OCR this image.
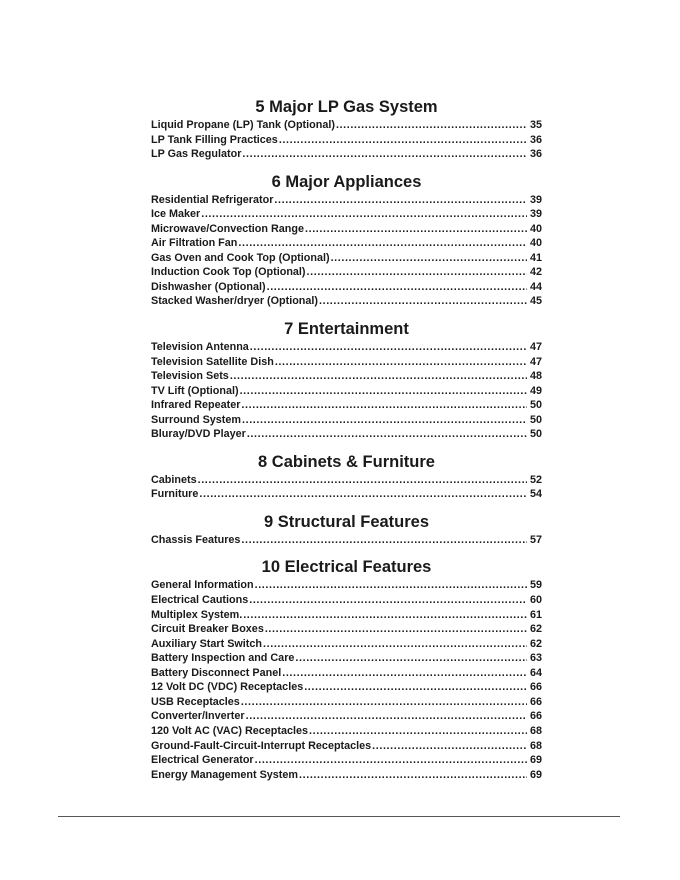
5 Major LP Gas System
Liquid Propane (LP) Tank (Optional) .....	35
LP Tank Filling Practices .....	36
LP Gas Regulator .....	36
6 Major Appliances
Residential Refrigerator .....	39
Ice Maker .....	39
Microwave/Convection Range .....	40
Air Filtration Fan .....	40
Gas Oven and Cook Top (Optional) .....	41
Induction Cook Top (Optional) .....	42
Dishwasher (Optional) .....	44
Stacked Washer/dryer (Optional) .....	45
7 Entertainment
Television Antenna .....	47
Television Satellite Dish .....	47
Television Sets .....	48
TV Lift (Optional) .....	49
Infrared Repeater .....	50
Surround System .....	50
Bluray/DVD Player .....	50
8 Cabinets & Furniture
Cabinets .....	52
Furniture .....	54
9 Structural Features
Chassis Features .....	57
10 Electrical Features
General Information .....	59
Electrical Cautions .....	60
Multiplex System. .....	61
Circuit Breaker Boxes .....	62
Auxiliary Start Switch .....	62
Battery Inspection and Care .....	63
Battery Disconnect Panel .....	64
12 Volt DC (VDC) Receptacles .....	66
USB Receptacles .....	66
Converter/Inverter .....	66
120 Volt AC (VAC) Receptacles .....	68
Ground-Fault-Circuit-Interrupt Receptacles .....	68
Electrical Generator .....	69
Energy Management System .....	69
